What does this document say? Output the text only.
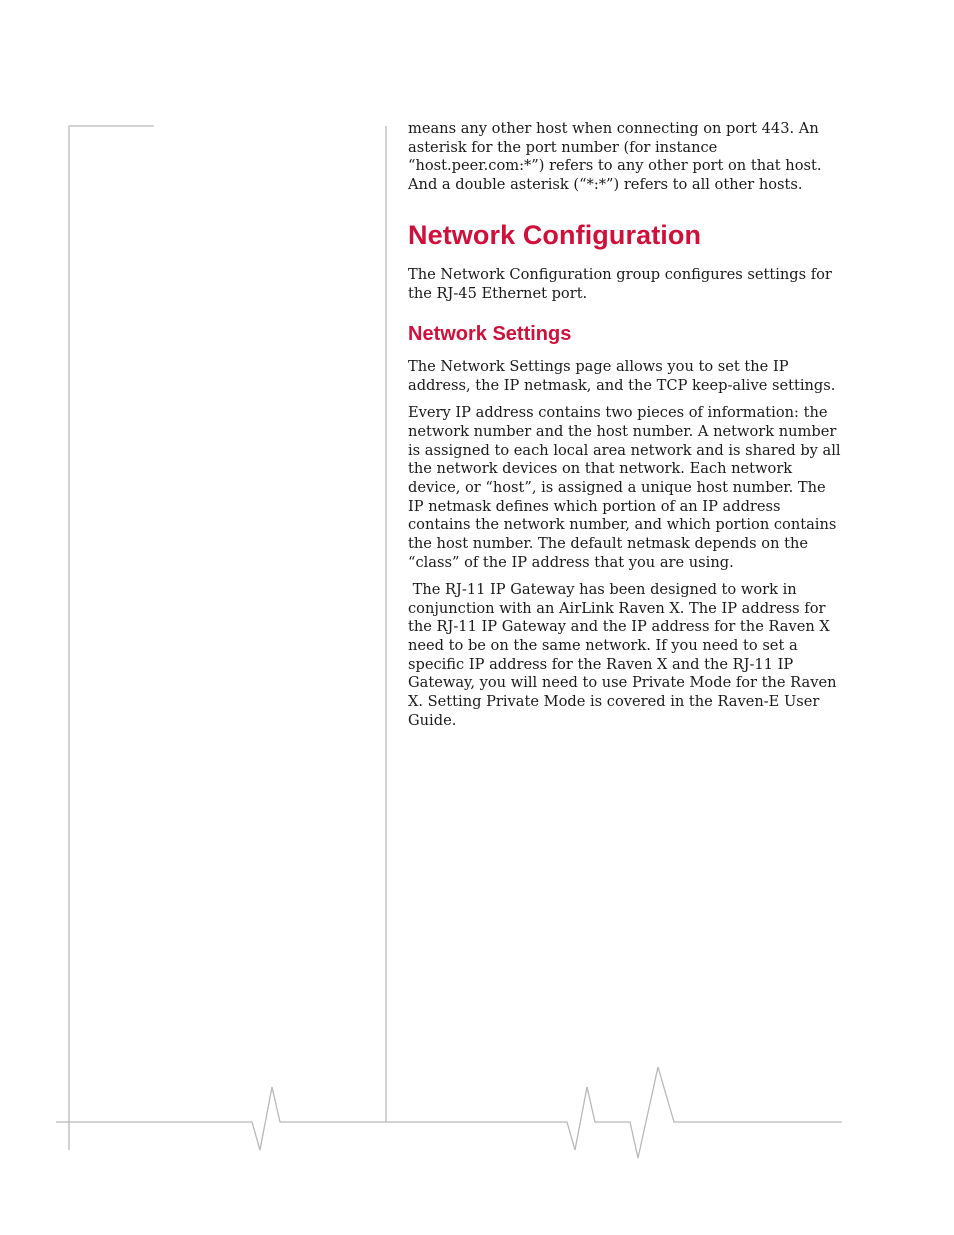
means any other host when connecting on port 443. An asterisk for the port number (for instance “host.peer.com:*”) refers to any other port on that host. And a double asterisk (“*:*”) refers to all other hosts.

Network Configuration

The Network Configuration group configures settings for the RJ-45 Ethernet port.

Network Settings

The Network Settings page allows you to set the IP address, the IP netmask, and the TCP keep-alive settings.

Every IP address contains two pieces of information: the network number and the host number. A network number is assigned to each local area network and is shared by all the network devices on that network. Each network device, or “host”, is assigned a unique host number. The IP netmask defines which portion of an IP address contains the network number, and which portion contains the host number. The default netmask depends on the “class” of the IP address that you are using.

The RJ-11 IP Gateway has been designed to work in conjunction with an AirLink Raven X. The IP address for the RJ-11 IP Gateway and the IP address for the Raven X need to be on the same network. If you need to set a specific IP address for the Raven X and the RJ-11 IP Gateway, you will need to use Private Mode for the Raven X. Setting Private Mode is covered in the Raven-E User Guide.
